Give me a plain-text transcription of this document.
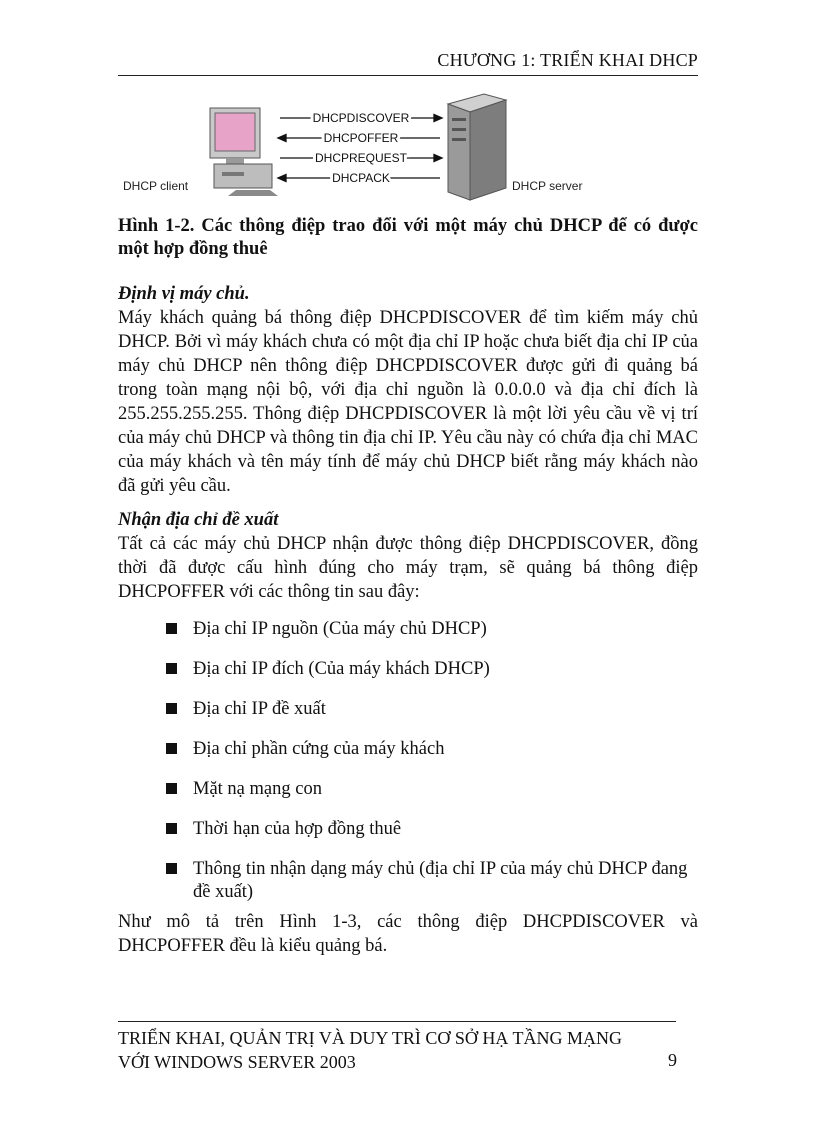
CHƯƠNG 1: TRIỂN KHAI DHCP
DHCP client	DHCP server
DHCPDISCOVER
DHCPOFFER
DHCPREQUEST
DHCPACK
Hình 1-2. Các thông điệp trao đổi với một máy chủ DHCP để có được một hợp đồng thuê
Định vị máy chủ.
Máy khách quảng bá thông điệp DHCPDISCOVER để tìm kiếm máy chủ DHCP. Bởi vì máy khách chưa có một địa chỉ IP hoặc chưa biết địa chỉ IP của máy chủ DHCP nên thông điệp DHCPDISCOVER được gửi đi quảng bá trong toàn mạng nội bộ, với địa chỉ nguồn là 0.0.0.0 và địa chỉ đích là 255.255.255.255. Thông điệp DHCPDISCOVER là một lời yêu cầu về vị trí của máy chủ DHCP và thông tin địa chỉ IP. Yêu cầu này có chứa địa chỉ MAC của máy khách và tên máy tính để máy chủ DHCP biết rằng máy khách nào đã gửi yêu cầu.
Nhận địa chỉ đề xuất
Tất cả các máy chủ DHCP nhận được thông điệp DHCPDISCOVER, đồng thời đã được cấu hình đúng cho máy trạm, sẽ quảng bá thông điệp DHCPOFFER với các thông tin sau đây:
Địa chỉ IP nguồn (Của máy chủ DHCP)
Địa chỉ IP đích (Của máy khách DHCP)
Địa chỉ IP đề xuất
Địa chỉ phần cứng của máy khách
Mặt nạ mạng con
Thời hạn của hợp đồng thuê
Thông tin nhận dạng máy chủ (địa chỉ IP của máy chủ DHCP đang đề xuất)
Như mô tả trên Hình 1-3, các thông điệp DHCPDISCOVER và DHCPOFFER đều là kiểu quảng bá.
TRIỂN KHAI, QUẢN TRỊ VÀ DUY TRÌ CƠ SỞ HẠ TẦNG MẠNG
VỚI WINDOWS SERVER 2003	9
